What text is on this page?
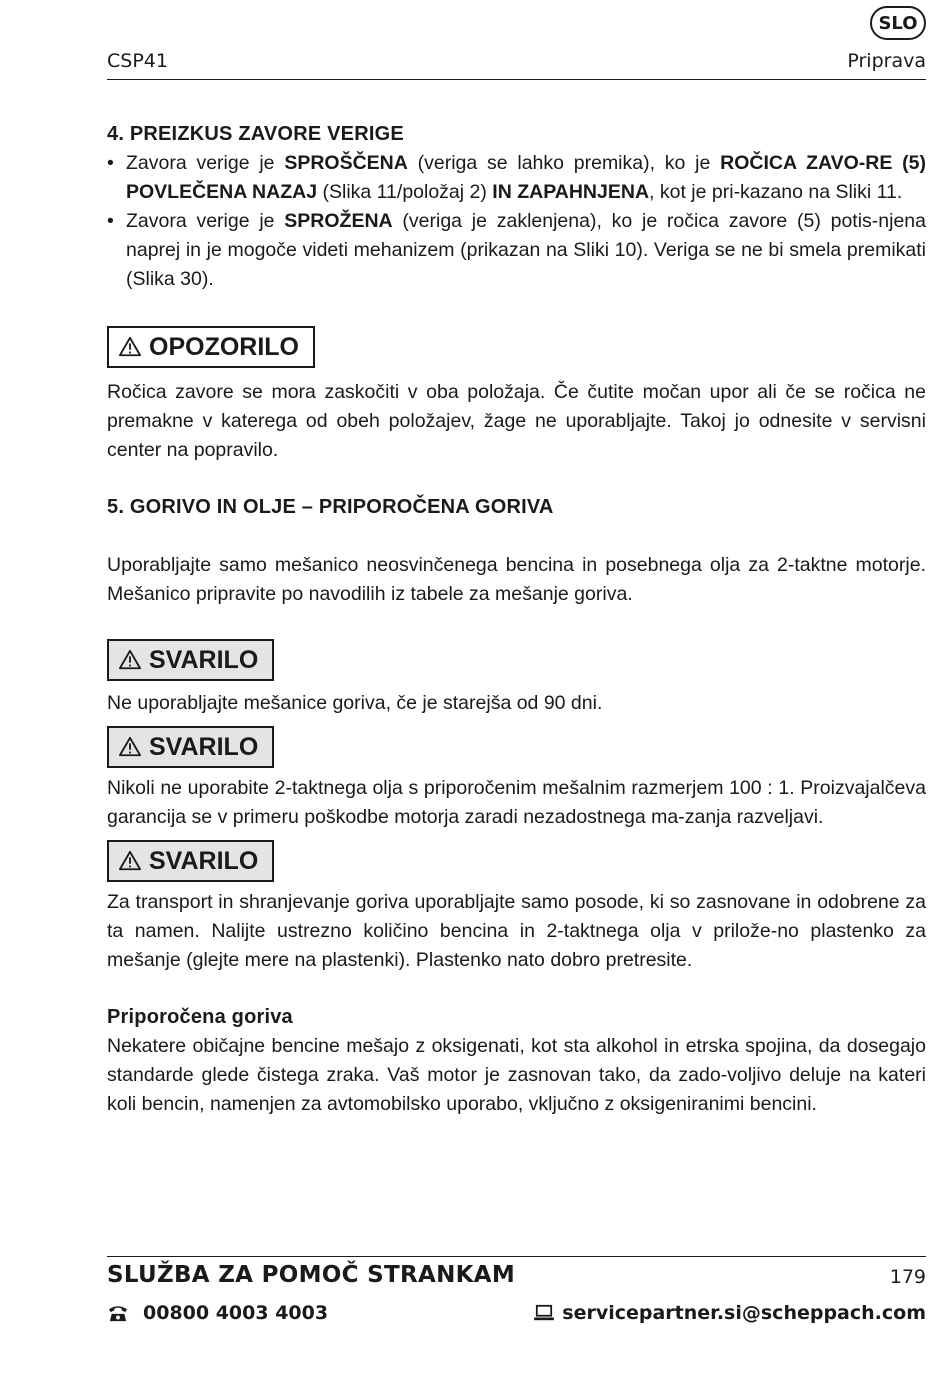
SLO
CSP41	Priprava
4. PREIZKUS ZAVORE VERIGE
• Zavora verige je SPROŠČENA (veriga se lahko premika), ko je ROČICA ZAVO-RE (5) POVLEČENA NAZAJ (Slika 11/položaj 2) IN ZAPAHNJENA, kot je pri-kazano na Sliki 11.
• Zavora verige je SPROŽENA (veriga je zaklenjena), ko je ročica zavore (5) potis-njena naprej in je mogoče videti mehanizem (prikazan na Sliki 10). Veriga se ne bi smela premikati (Slika 30).
OPOZORILO

Ročica zavore se mora zaskočiti v oba položaja. Če čutite močan upor ali če se ročica ne premakne v katerega od obeh položajev, žage ne uporabljajte. Takoj jo odnesite v servisni center na popravilo.

5. GORIVO IN OLJE – PRIPOROČENA GORIVA

Uporabljajte samo mešanico neosvinčenega bencina in posebnega olja za 2-taktne motorje. Mešanico pripravite po navodilih iz tabele za mešanje goriva.

SVARILO

Ne uporabljajte mešanice goriva, če je starejša od 90 dni.

SVARILO

Nikoli ne uporabite 2-taktnega olja s priporočenim mešalnim razmerjem 100 : 1. Proizvajalčeva garancija se v primeru poškodbe motorja zaradi nezadostnega ma-zanja razveljavi.

SVARILO

Za transport in shranjevanje goriva uporabljajte samo posode, ki so zasnovane in odobrene za ta namen. Nalijte ustrezno količino bencina in 2-taktnega olja v prilože-no plastenko za mešanje (glejte mere na plastenki). Plastenko nato dobro pretresite.

Priporočena goriva

Nekatere običajne bencine mešajo z oksigenati, kot sta alkohol in etrska spojina, da dosegajo standarde glede čistega zraka. Vaš motor je zasnovan tako, da zado-voljivo deluje na kateri koli bencin, namenjen za avtomobilsko uporabo, vključno z oksigeniranimi bencini.

SLUŽBA ZA POMOČ STRANKAM	179
00800 4003 4003	servicepartner.si@scheppach.com
